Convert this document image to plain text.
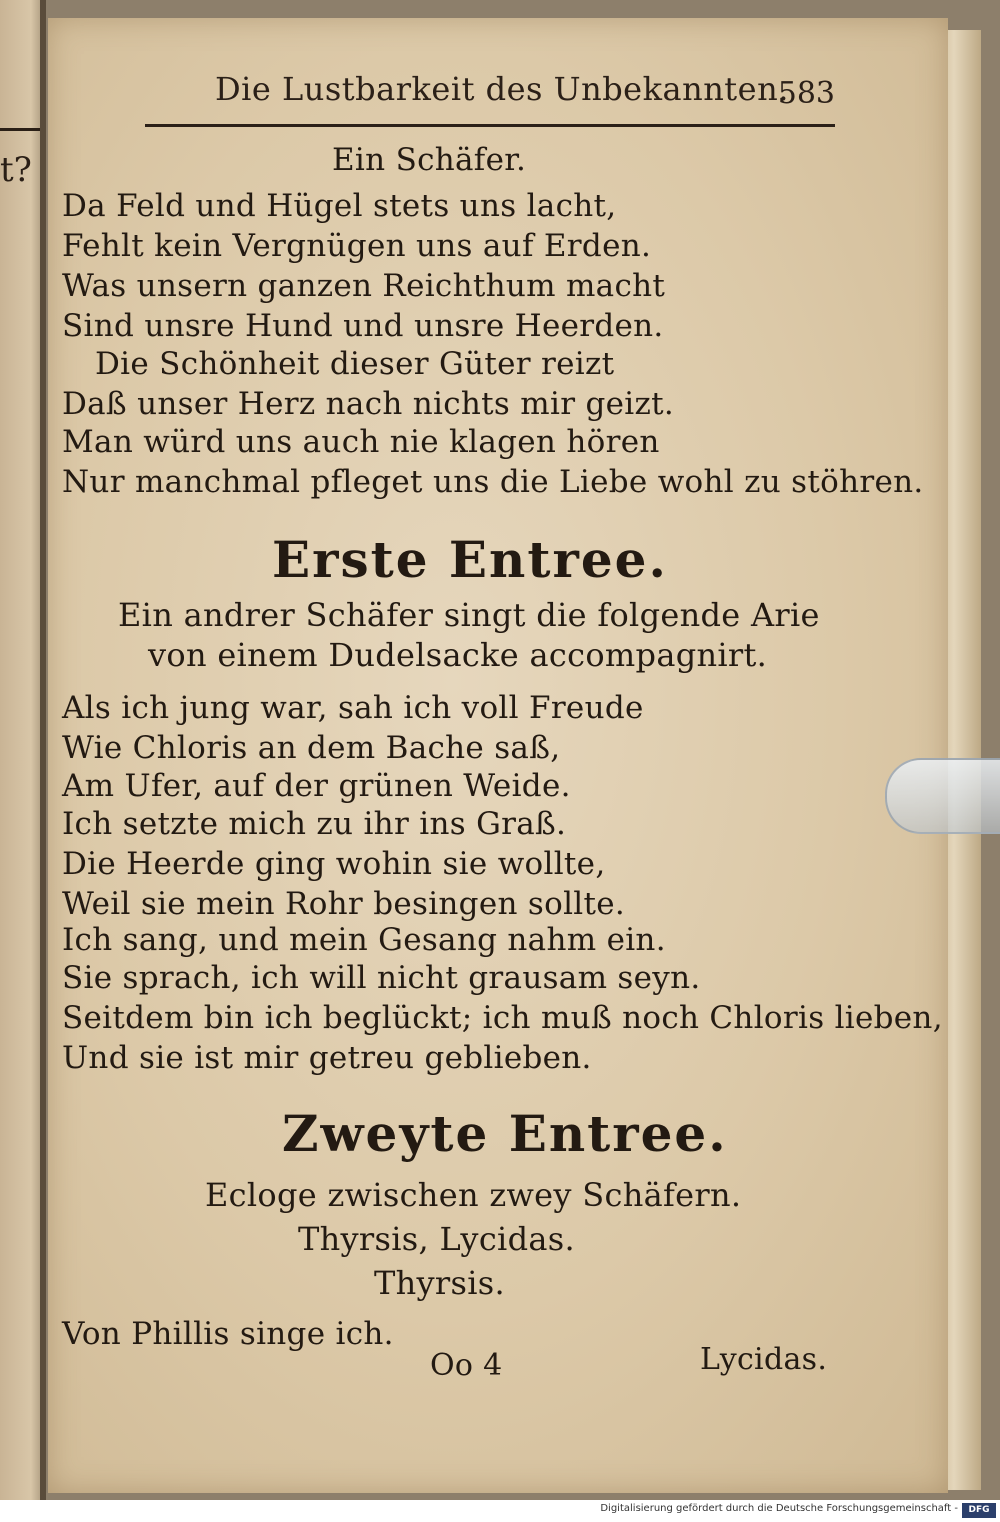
t?
Die Lustbarkeit des Unbekannten.
583
Ein Schäfer.
Da Feld und Hügel stets uns lacht,
Fehlt kein Vergnügen uns auf Erden.
Was unsern ganzen Reichthum macht
Sind unsre Hund und unsre Heerden.
Die Schönheit dieser Güter reizt
Daß unser Herz nach nichts mir geizt.
Man würd uns auch nie klagen hören
Nur manchmal pfleget uns die Liebe wohl zu stöhren.
Erste Entree.
Ein andrer Schäfer singt die folgende Arie
von einem Dudelsacke accompagnirt.
Als ich jung war, sah ich voll Freude
Wie Chloris an dem Bache saß,
Am Ufer, auf der grünen Weide.
Ich setzte mich zu ihr ins Graß.
Die Heerde ging wohin sie wollte,
Weil sie mein Rohr besingen sollte.
Ich sang, und mein Gesang nahm ein.
Sie sprach, ich will nicht grausam seyn.
Seitdem bin ich beglückt; ich muß noch Chloris lieben,
Und sie ist mir getreu geblieben.
Zweyte Entree.
Ecloge zwischen zwey Schäfern.
Thyrsis, Lycidas.
Thyrsis.
Von Phillis singe ich.
Oo 4	Lycidas.
Digitalisierung gefördert durch die Deutsche Forschungsgemeinschaft -	DFG
